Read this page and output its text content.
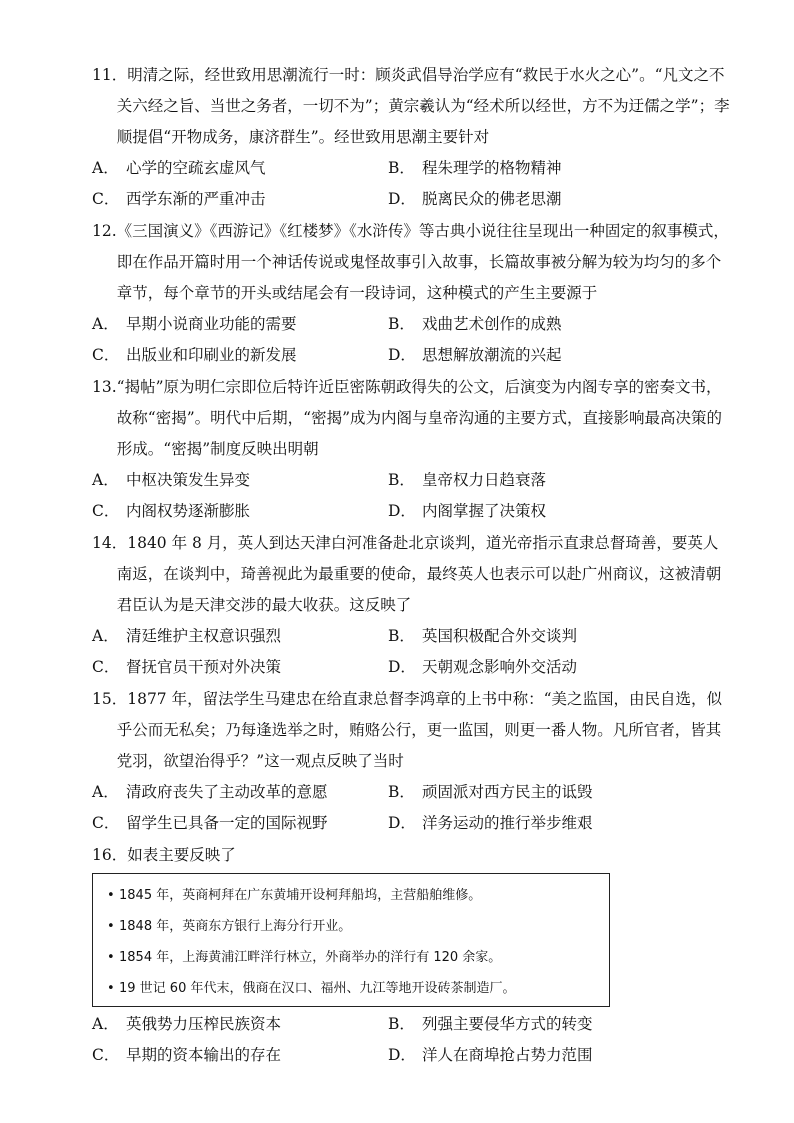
11．明清之际，经世致用思潮流行一时：顾炎武倡导治学应有“救民于水火之心”。“凡文之不关六经之旨、当世之务者，一切不为”；黄宗羲认为“经术所以经世，方不为迂儒之学”；李顺提倡“开物成务，康济群生”。经世致用思潮主要针对

A． 心学的空疏玄虚风气	B． 程朱理学的格物精神
C． 西学东渐的严重冲击	D． 脱离民众的佛老思潮

12.《三国演义》《西游记》《红楼梦》《水浒传》等古典小说往往呈现出一种固定的叙事模式，即在作品开篇时用一个神话传说或鬼怪故事引入故事，长篇故事被分解为较为均匀的多个章节，每个章节的开头或结尾会有一段诗词，这种模式的产生主要源于

A． 早期小说商业功能的需要	B． 戏曲艺术创作的成熟
C． 出版业和印刷业的新发展	D． 思想解放潮流的兴起

13.“揭帖”原为明仁宗即位后特许近臣密陈朝政得失的公文，后演变为内阁专享的密奏文书，故称“密揭”。明代中后期，“密揭”成为内阁与皇帝沟通的主要方式，直接影响最高决策的形成。“密揭”制度反映出明朝

A． 中枢决策发生异变	B． 皇帝权力日趋衰落
C． 内阁权势逐渐膨胀	D． 内阁掌握了决策权

14．1840 年 8 月，英人到达天津白河准备赴北京谈判，道光帝指示直隶总督琦善，要英人南返，在谈判中，琦善视此为最重要的使命，最终英人也表示可以赴广州商议，这被清朝君臣认为是天津交涉的最大收获。这反映了

A． 清廷维护主权意识强烈	B． 英国积极配合外交谈判
C． 督抚官员干预对外决策	D． 天朝观念影响外交活动

15．1877 年，留法学生马建忠在给直隶总督李鸿章的上书中称：“美之监国，由民自选，似乎公而无私矣；乃每逢选举之时，贿赂公行，更一监国，则更一番人物。凡所官者，皆其党羽，欲望治得乎？”这一观点反映了当时

A． 清政府丧失了主动改革的意愿	B． 顽固派对西方民主的诋毁
C． 留学生已具备一定的国际视野	D． 洋务运动的推行举步维艰

16．如表主要反映了

• 1845 年，英商柯拜在广东黄埔开设柯拜船坞，主营船舶维修。
• 1848 年，英商东方银行上海分行开业。
• 1854 年，上海黄浦江畔洋行林立，外商举办的洋行有 120 余家。
• 19 世记 60 年代末，俄商在汉口、福州、九江等地开设砖茶制造厂。
A． 英俄势力压榨民族资本	B． 列强主要侵华方式的转变
C． 早期的资本输出的存在	D． 洋人在商埠抢占势力范围
